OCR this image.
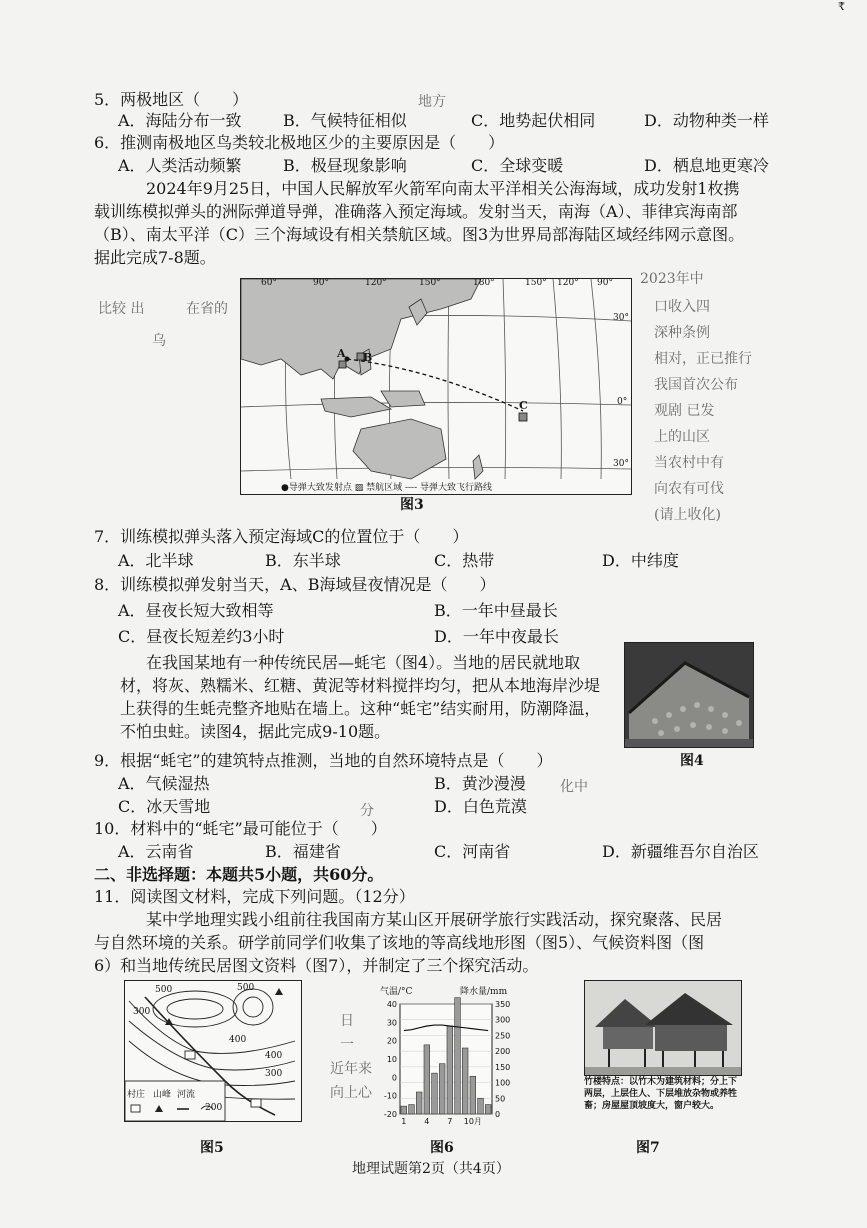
₹
5．两极地区（　　）	地方
A．海陆分布一致	B．气候特征相似	C．地势起伏相同	D．动物种类一样
6．推测南极地区鸟类较北极地区少的主要原因是（　　）
A．人类活动频繁	B．极昼现象影响	C．全球变暖	D．栖息地更寒冷
2024年9月25日，中国人民解放军火箭军向南太平洋相关公海海域，成功发射1枚携
载训练模拟弹头的洲际弹道导弹，准确落入预定海域。发射当天，南海（A）、菲律宾海南部
（B）、南太平洋（C）三个海域设有相关禁航区域。图3为世界局部海陆区域经纬网示意图。
据此完成7-8题。
比较 出	在省的
乌
60°	90°	120°	150°	180°	150° 120° 90°
30°
0°
30°
A B
C
●导弹大致发射点 ▨ 禁航区域 ---- 导弹大致飞行路线
图3
2023年中
口收入四
深种条例
相对，正已推行
我国首次公布
观剧 已发
上的山区
当农村中有
向农有可伐
(请上收化)
7．训练模拟弹头落入预定海域C的位置位于（　　）
A．北半球	B．东半球	C．热带	D．中纬度
8．训练模拟弹发射当天，A、B海域昼夜情况是（　　）
A．昼夜长短大致相等	B．一年中昼最长
C．昼夜长短差约3小时	D．一年中夜最长
在我国某地有一种传统民居—蚝宅（图4）。当地的居民就地取
材，将灰、熟糯米、红糖、黄泥等材料搅拌均匀，把从本地海岸沙堤
上获得的生蚝壳整齐地贴在墙上。这种“蚝宅”结实耐用，防潮降温，
不怕虫蛀。读图4，据此完成9-10题。
图4
9．根据“蚝宅”的建筑特点推测，当地的自然环境特点是（　　）
A．气候湿热	B．黄沙漫漫
C．冰天雪地	D．白色荒漠
化中
分
10．材料中的“蚝宅”最可能位于（　　）
A．云南省	B．福建省	C．河南省	D．新疆维吾尔自治区
二、非选择题：本题共5小题，共60分。
11．阅读图文材料，完成下列问题。（12分）
某中学地理实践小组前往我国南方某山区开展研学旅行实践活动，探究聚落、民居
与自然环境的关系。研学前同学们收集了该地的等高线地形图（图5）、气候资料图（图
6）和当地传统民居图文资料（图7），并制定了三个探究活动。
500	500
300
400
400
300
200
村庄 山峰 河流
图5
日
一
近年来
向上心
气温/°C	降水量/mm
40
30
20
10
0
-10
-20
350
300
250
200
150
100
50
0
1 4 7 10月
图6
竹楼特点：以竹木为建筑材料；分上下两层，上层住人、下层堆放杂物或养牲畜；房屋屋顶坡度大，窗户较大。
图7
地理试题第2页（共4页）
